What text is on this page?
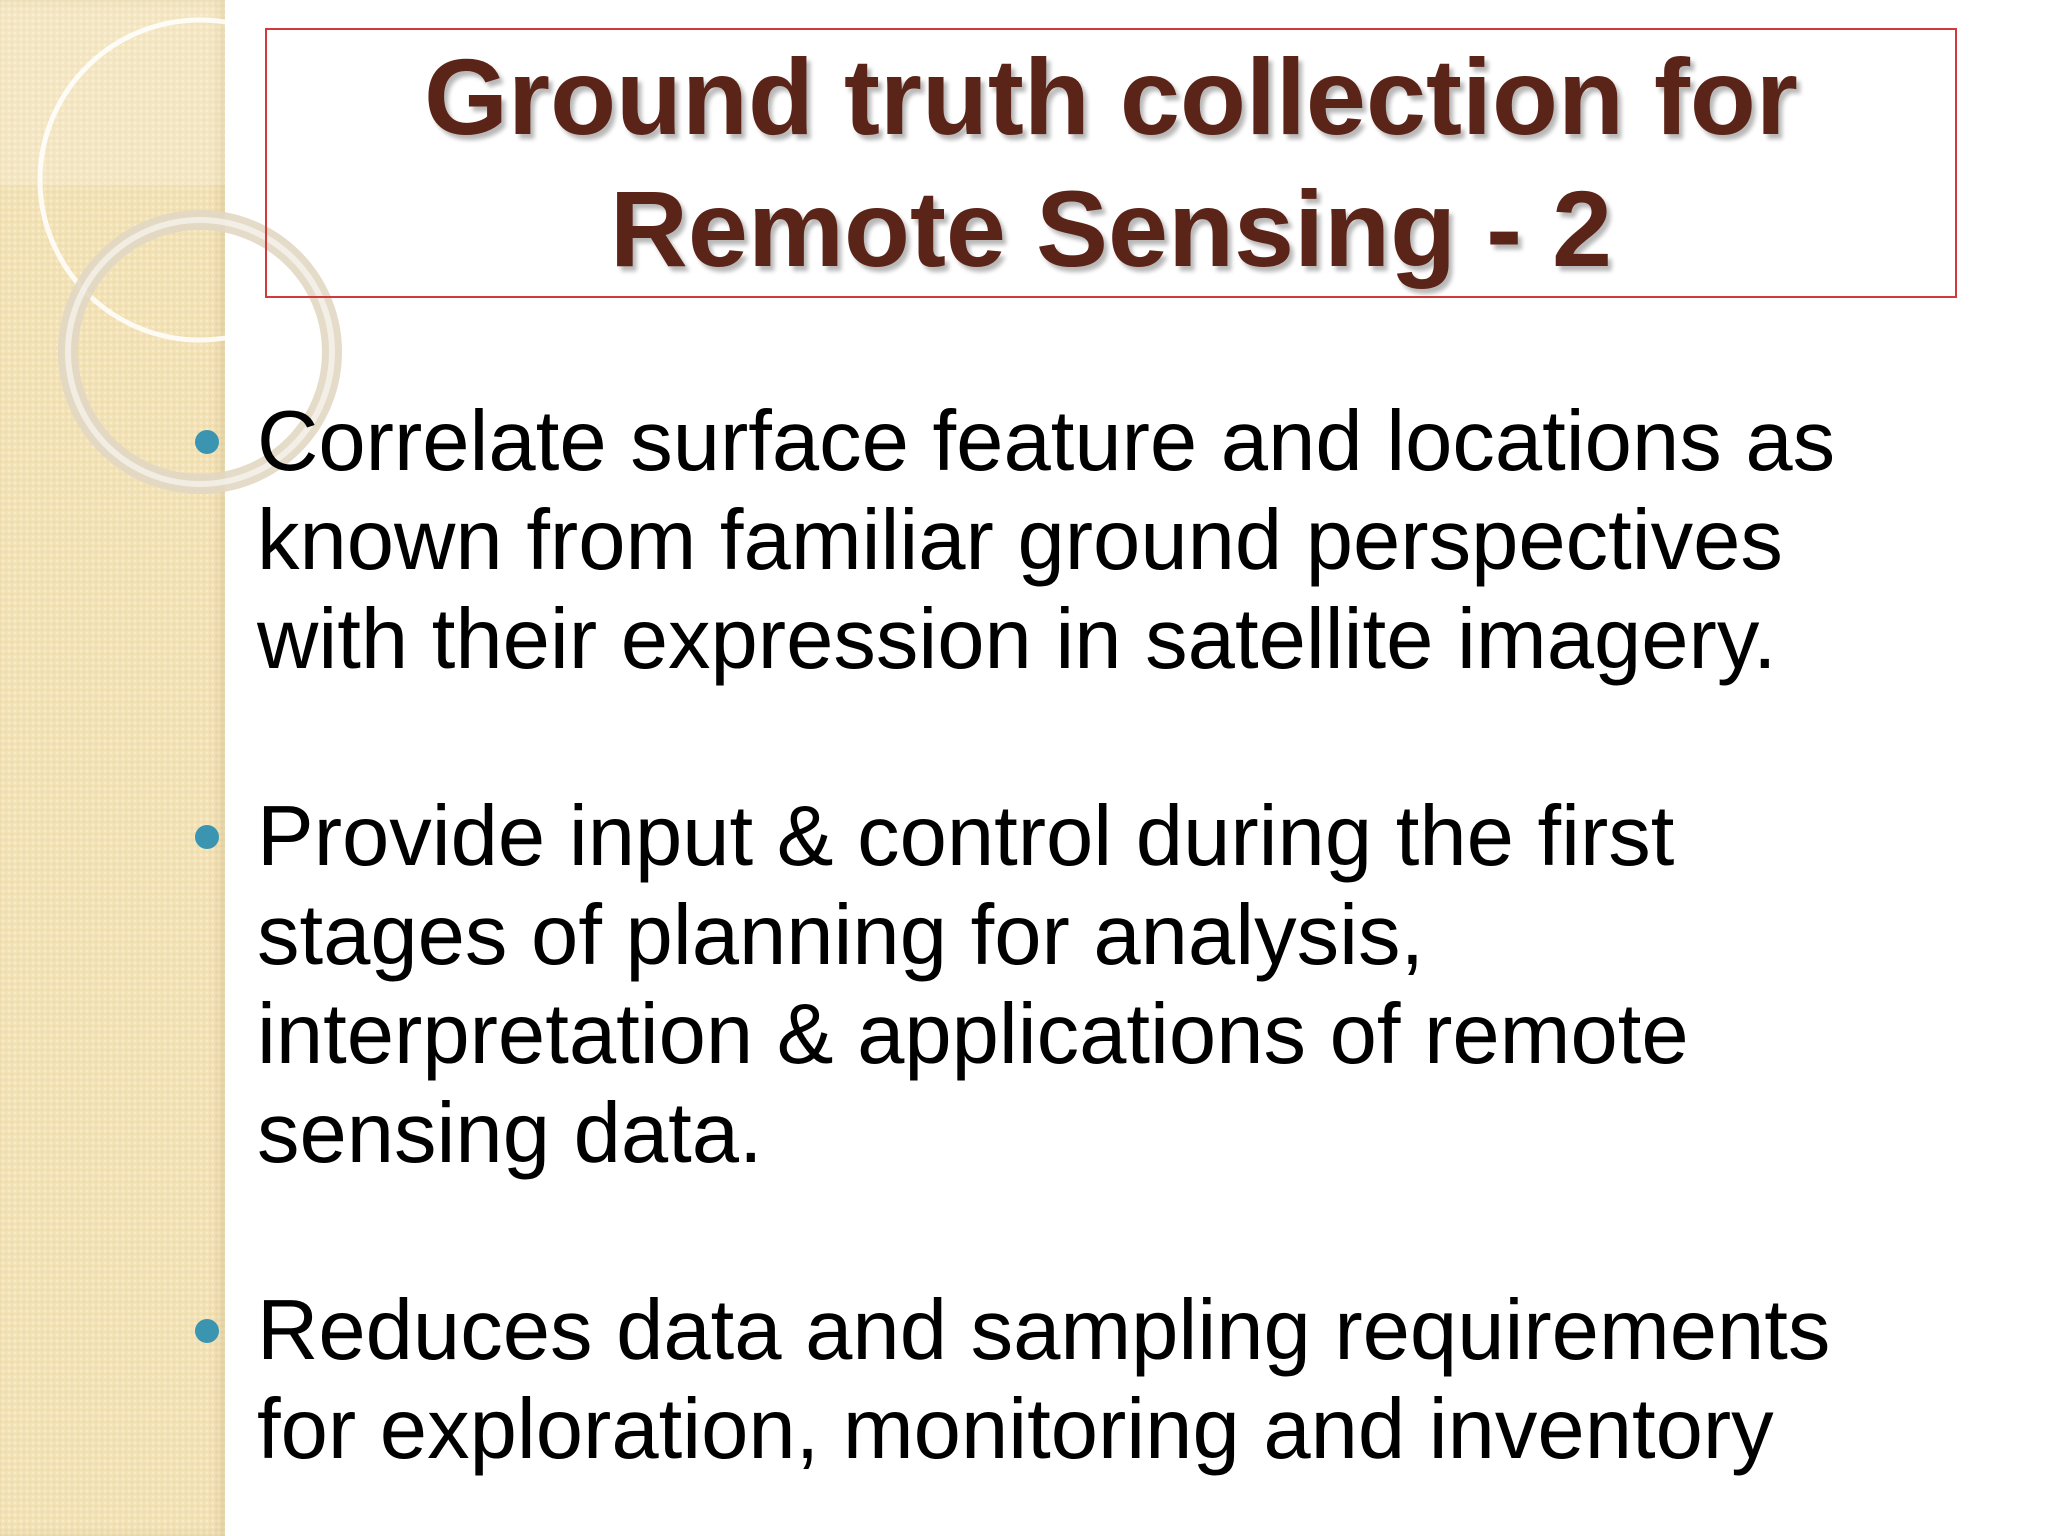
Ground truth collection for
Remote Sensing - 2
Correlate surface feature and locations as
known from familiar ground perspectives
with their expression in satellite imagery.
Provide input & control during the first
stages of planning for analysis,
interpretation & applications of remote
sensing data.
Reduces data and sampling requirements
for exploration, monitoring and inventory
